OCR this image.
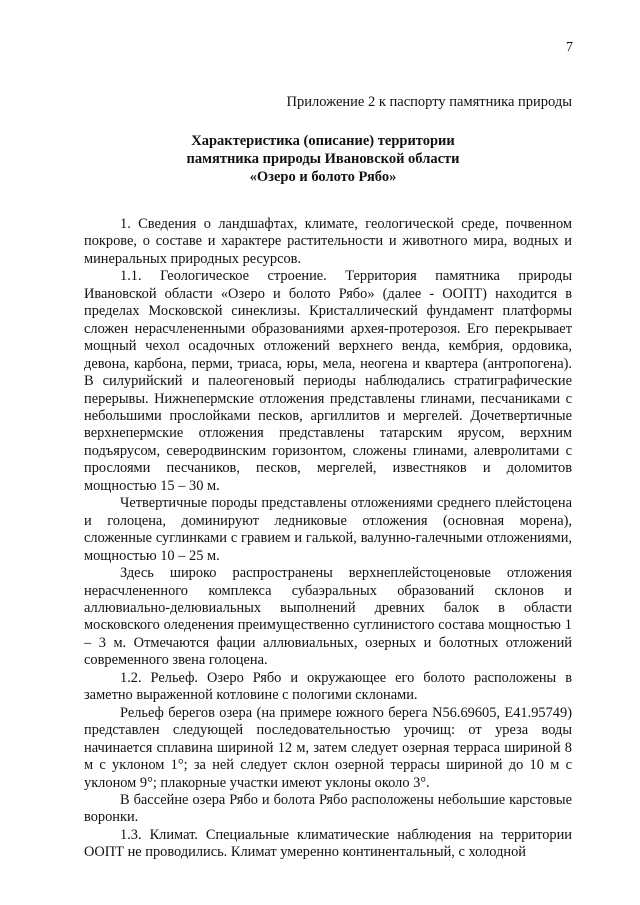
7
Приложение 2 к паспорту памятника природы
Характеристика (описание) территории
памятника природы Ивановской области
«Озеро и болото Рябо»

1. Сведения о ландшафтах, климате, геологической среде, почвенном покрове, о составе и характере растительности и животного мира, водных и минеральных природных ресурсов.

1.1. Геологическое строение. Территория памятника природы Ивановской области «Озеро и болото Рябо» (далее - ООПТ) находится в пределах Московской синеклизы. Кристаллический фундамент платформы сложен нерасчлененными образованиями архея-протерозоя. Его перекрывает мощный чехол осадочных отложений верхнего венда, кембрия, ордовика, девона, карбона, перми, триаса, юры, мела, неогена и квартера (антропогена). В силурийский и палеогеновый периоды наблюдались стратиграфические перерывы. Нижнепермские отложения представлены глинами, песчаниками с небольшими прослойками песков, аргиллитов и мергелей. Дочетвертичные верхнепермские отложения представлены татарским ярусом, верхним подъярусом, северодвинским горизонтом, сложены глинами, алевролитами с прослоями песчаников, песков, мергелей, известняков и доломитов мощностью 15 – 30 м.

Четвертичные породы представлены отложениями среднего плейстоцена и голоцена, доминируют ледниковые отложения (основная морена), сложенные суглинками с гравием и галькой, валунно-галечными отложениями, мощностью 10 – 25 м.

Здесь широко распространены верхнеплейстоценовые отложения нерасчлененного комплекса субаэральных образований склонов и аллювиально-делювиальных выполнений древних балок в области московского оледенения преимущественно суглинистого состава мощностью 1 – 3 м. Отмечаются фации аллювиальных, озерных и болотных отложений современного звена голоцена.

1.2. Рельеф. Озеро Рябо и окружающее его болото расположены в заметно выраженной котловине с пологими склонами.

Рельеф берегов озера (на примере южного берега N56.69605, E41.95749) представлен следующей последовательностью урочищ: от уреза воды начинается сплавина шириной 12 м, затем следует озерная терраса шириной 8 м с уклоном 1°; за ней следует склон озерной террасы шириной до 10 м с уклоном 9°; плакорные участки имеют уклоны около 3°.

В бассейне озера Рябо и болота Рябо расположены небольшие карстовые воронки.

1.3. Климат. Специальные климатические наблюдения на территории ООПТ не проводились. Климат умеренно континентальный, с холодной
